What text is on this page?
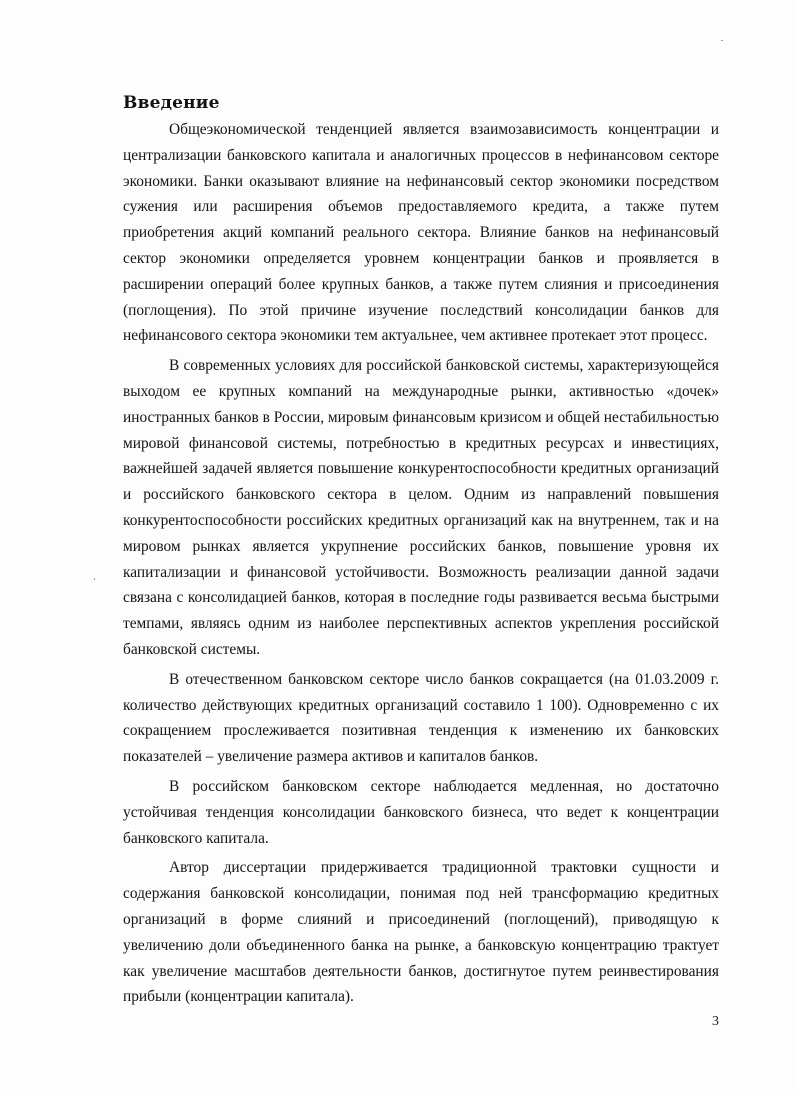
Введение

Общеэкономической тенденцией является взаимозависимость концентрации и централизации банковского капитала и аналогичных процессов в нефинансовом секторе экономики. Банки оказывают влияние на нефинансовый сектор экономики посредством сужения или расширения объемов предоставляемого кредита, а также путем приобретения акций компаний реального сектора. Влияние банков на нефинансовый сектор экономики определяется уровнем концентрации банков и проявляется в расширении операций более крупных банков, а также путем слияния и присоединения (поглощения). По этой причине изучение последствий консолидации банков для нефинансового сектора экономики тем актуальнее, чем активнее протекает этот процесс.

В современных условиях для российской банковской системы, характеризующейся выходом ее крупных компаний на международные рынки, активностью «дочек» иностранных банков в России, мировым финансовым кризисом и общей нестабильностью мировой финансовой системы, потребностью в кредитных ресурсах и инвестициях, важнейшей задачей является повышение конкурентоспособности кредитных организаций и российского банковского сектора в целом. Одним из направлений повышения конкурентоспособности российских кредитных организаций как на внутреннем, так и на мировом рынках является укрупнение российских банков, повышение уровня их капитализации и финансовой устойчивости. Возможность реализации данной задачи связана с консолидацией банков, которая в последние годы развивается весьма быстрыми темпами, являясь одним из наиболее перспективных аспектов укрепления российской банковской системы.

В отечественном банковском секторе число банков сокращается (на 01.03.2009 г. количество действующих кредитных организаций составило 1 100). Одновременно с их сокращением прослеживается позитивная тенденция к изменению их банковских показателей – увеличение размера активов и капиталов банков.

В российском банковском секторе наблюдается медленная, но достаточно устойчивая тенденция консолидации банковского бизнеса, что ведет к концентрации банковского капитала.

Автор диссертации придерживается традиционной трактовки сущности и содержания банковской консолидации, понимая под ней трансформацию кредитных организаций в форме слияний и присоединений (поглощений), приводящую к увеличению доли объединенного банка на рынке, а банковскую концентрацию трактует как увеличение масштабов деятельности банков, достигнутое путем реинвестирования прибыли (концентрации капитала).

3
